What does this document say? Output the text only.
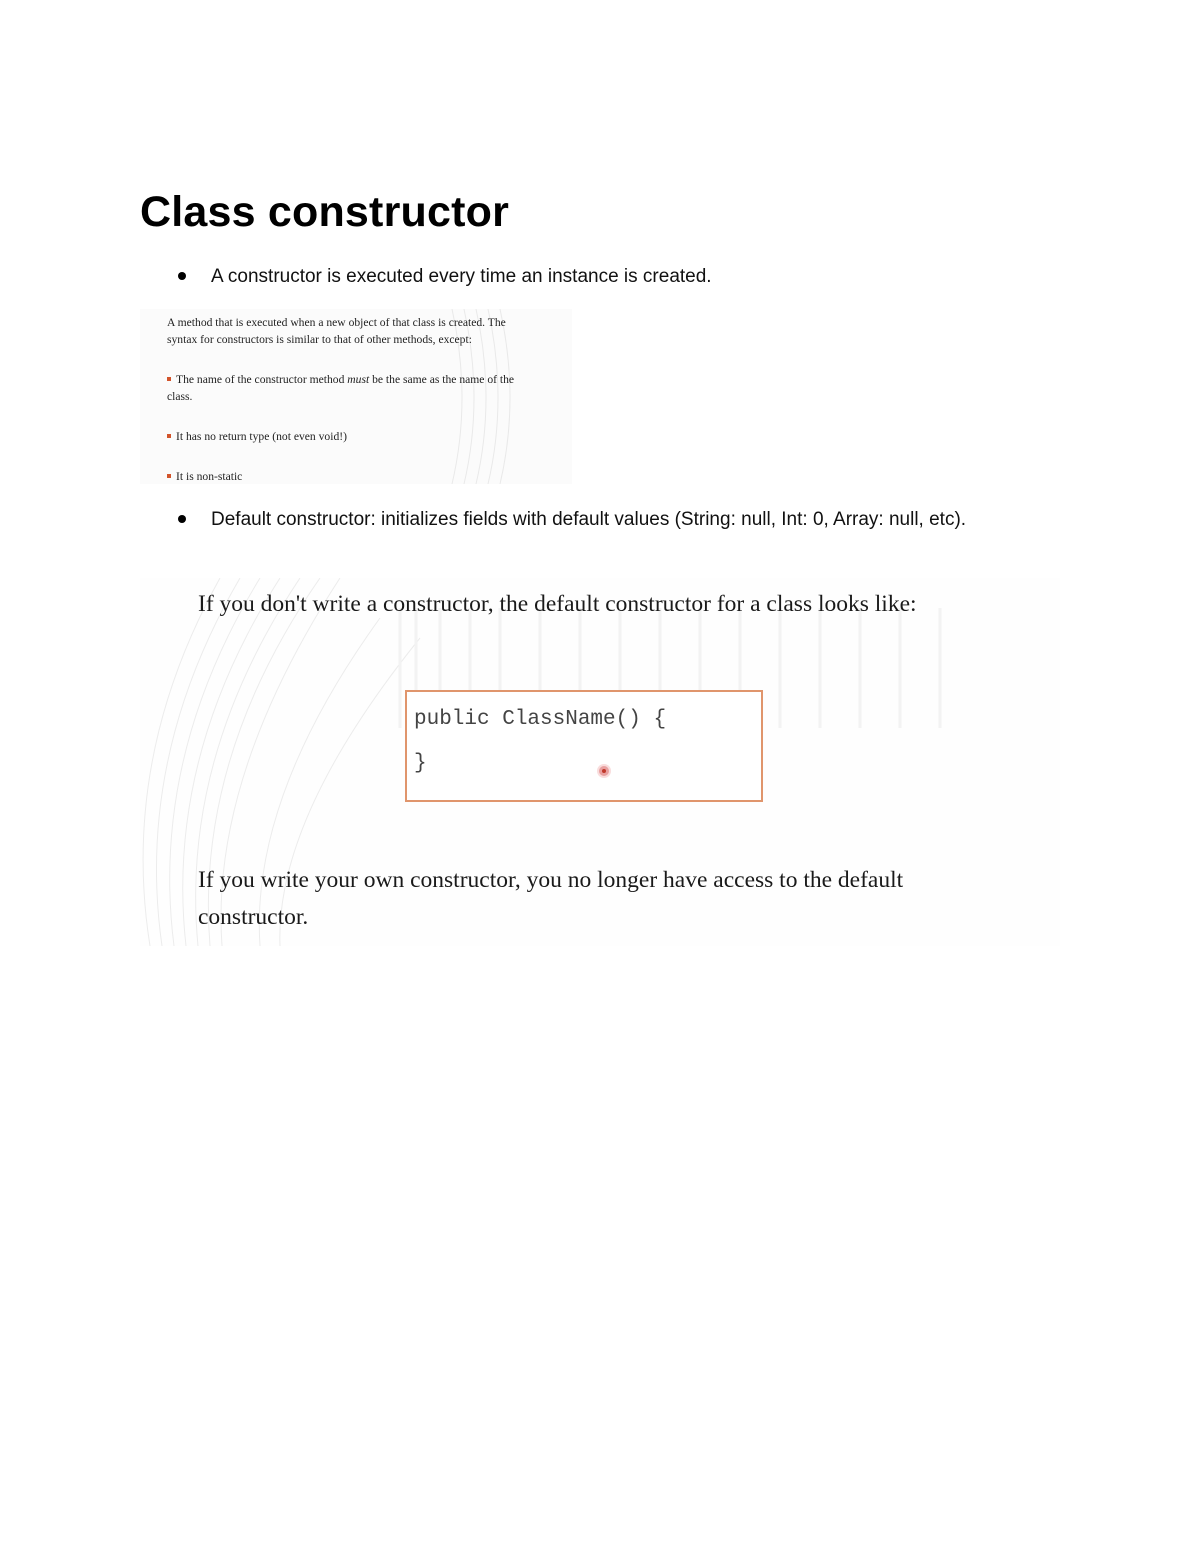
Class constructor
A constructor is executed every time an instance is created.
A method that is executed when a new object of that class is created. The syntax for constructors is similar to that of other methods, except:
The name of the constructor method must be the same as the name of the class.
It has no return type (not even void!)
It is non-static
Default constructor: initializes fields with default values (String: null, Int: 0, Array: null, etc).
If you don't write a constructor, the default constructor for a class looks like:
public ClassName() {
}
If you write your own constructor, you no longer have access to the default constructor.
